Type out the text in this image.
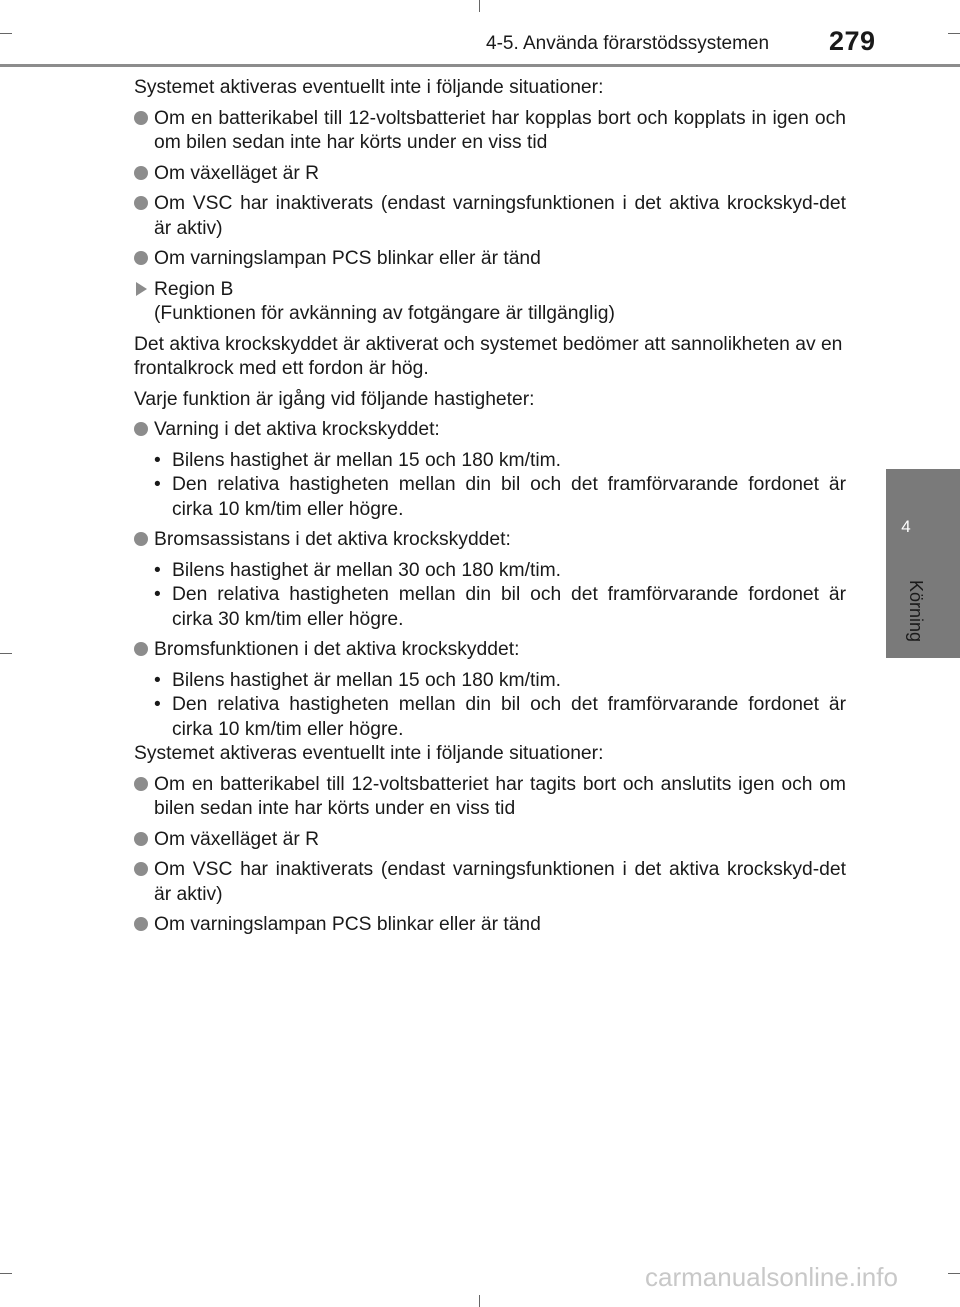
4-5. Använda förarstödssystemen 279
4
Körning

Systemet aktiveras eventuellt inte i följande situationer:

Om en batterikabel till 12-voltsbatteriet har kopplas bort och kopplats in igen och om bilen sedan inte har körts under en viss tid
Om växelläget är R
Om VSC har inaktiverats (endast varningsfunktionen i det aktiva krockskyd-det är aktiv)
Om varningslampan PCS blinkar eller är tänd
Region B
(Funktionen för avkänning av fotgängare är tillgänglig)

Det aktiva krockskyddet är aktiverat och systemet bedömer att sannolikheten av en frontalkrock med ett fordon är hög.

Varje funktion är igång vid följande hastigheter:

Varning i det aktiva krockskyddet:
• Bilens hastighet är mellan 15 och 180 km/tim.
• Den relativa hastigheten mellan din bil och det framförvarande fordonet är cirka 10 km/tim eller högre.
Bromsassistans i det aktiva krockskyddet:
• Bilens hastighet är mellan 30 och 180 km/tim.
• Den relativa hastigheten mellan din bil och det framförvarande fordonet är cirka 30 km/tim eller högre.
Bromsfunktionen i det aktiva krockskyddet:
• Bilens hastighet är mellan 15 och 180 km/tim.
• Den relativa hastigheten mellan din bil och det framförvarande fordonet är cirka 10 km/tim eller högre.

Systemet aktiveras eventuellt inte i följande situationer:

Om en batterikabel till 12-voltsbatteriet har tagits bort och anslutits igen och om bilen sedan inte har körts under en viss tid
Om växelläget är R
Om VSC har inaktiverats (endast varningsfunktionen i det aktiva krockskyd-det är aktiv)
Om varningslampan PCS blinkar eller är tänd
carmanualsonline.info
